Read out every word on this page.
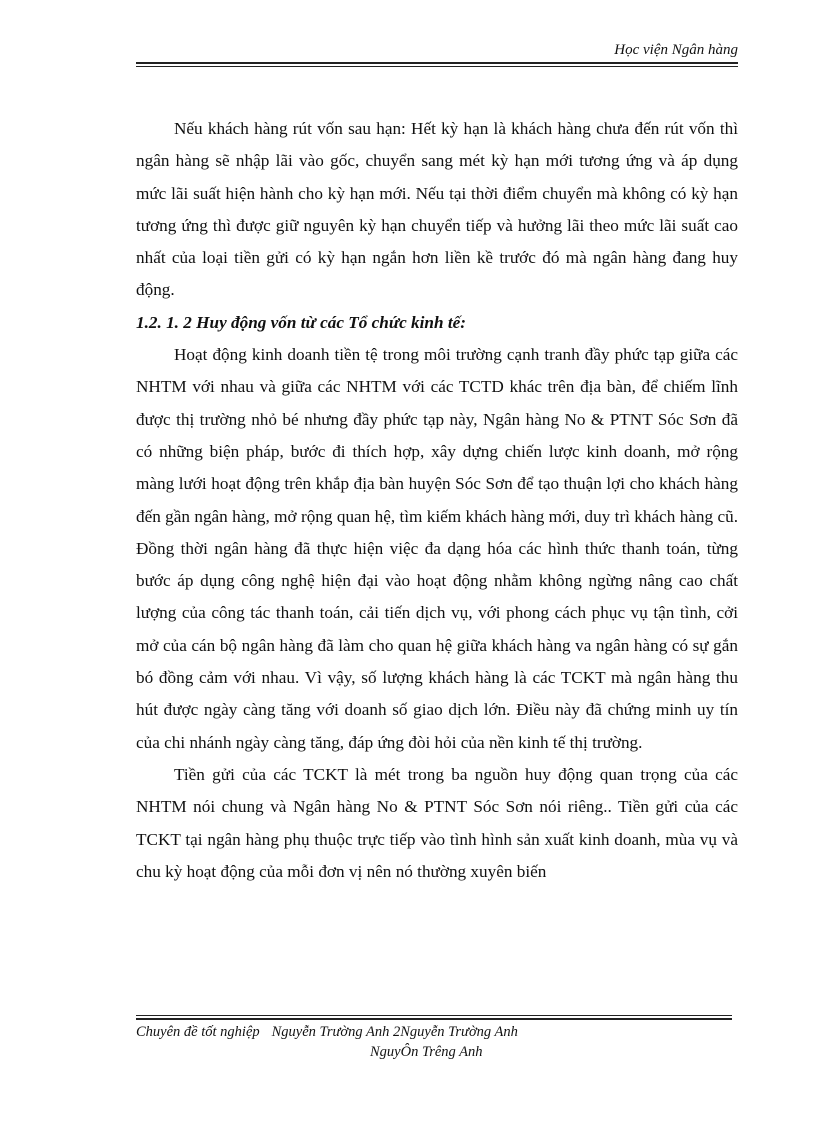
Học viện Ngân hàng

Nếu khách hàng rút vốn sau hạn: Hết kỳ hạn là khách hàng chưa đến rút vốn thì ngân hàng sẽ nhập lãi vào gốc, chuyển sang mét kỳ hạn mới tương ứng và áp dụng mức lãi suất hiện hành cho kỳ hạn mới. Nếu tại thời điểm chuyển mà không có kỳ hạn tương ứng thì được giữ nguyên kỳ hạn chuyển tiếp và hưởng lãi theo mức lãi suất cao nhất của loại tiền gửi có kỳ hạn ngắn hơn liền kề trước đó mà ngân hàng đang huy động.

1.2. 1. 2 Huy động vốn từ các Tổ chức kinh tế:

Hoạt động kinh doanh tiền tệ trong môi trường cạnh tranh đầy phức tạp giữa các NHTM với nhau và giữa các NHTM với các TCTD khác trên địa bàn, để chiếm lĩnh được thị trường nhỏ bé nhưng đầy phức tạp này, Ngân hàng No & PTNT Sóc Sơn đã có những biện pháp, bước đi thích hợp, xây dựng chiến lược kinh doanh, mở rộng màng lưới hoạt động trên khắp địa bàn huyện Sóc Sơn để tạo thuận lợi cho khách hàng đến gần ngân hàng, mở rộng quan hệ, tìm kiếm khách hàng mới, duy trì khách hàng cũ. Đồng thời ngân hàng đã thực hiện việc đa dạng hóa các hình thức thanh toán, từng bước áp dụng công nghệ hiện đại vào hoạt động nhằm không ngừng nâng cao chất lượng của công tác thanh toán, cải tiến dịch vụ, với phong cách phục vụ tận tình, cởi mở của cán bộ ngân hàng đã làm cho quan hệ giữa khách hàng va ngân hàng có sự gắn bó đồng cảm với nhau. Vì vậy, số lượng khách hàng là các TCKT mà ngân hàng thu hút được ngày càng tăng với doanh số giao dịch lớn. Điều này đã chứng minh uy tín của chi nhánh ngày càng tăng, đáp ứng đòi hỏi của nền kinh tế thị trường.

Tiền gửi của các TCKT là mét trong ba nguồn huy động quan trọng của các NHTM nói chung và Ngân hàng No & PTNT Sóc Sơn nói riêng.. Tiền gửi của các TCKT tại ngân hàng phụ thuộc trực tiếp vào tình hình sản xuất kinh doanh, mùa vụ và chu kỳ hoạt động của mỗi đơn vị nên nó thường xuyên biến

Chuyên đề tốt nghiệp Nguyễn Trường Anh 2Nguyễn Trường Anh
NguyÔn Trêng Anh
